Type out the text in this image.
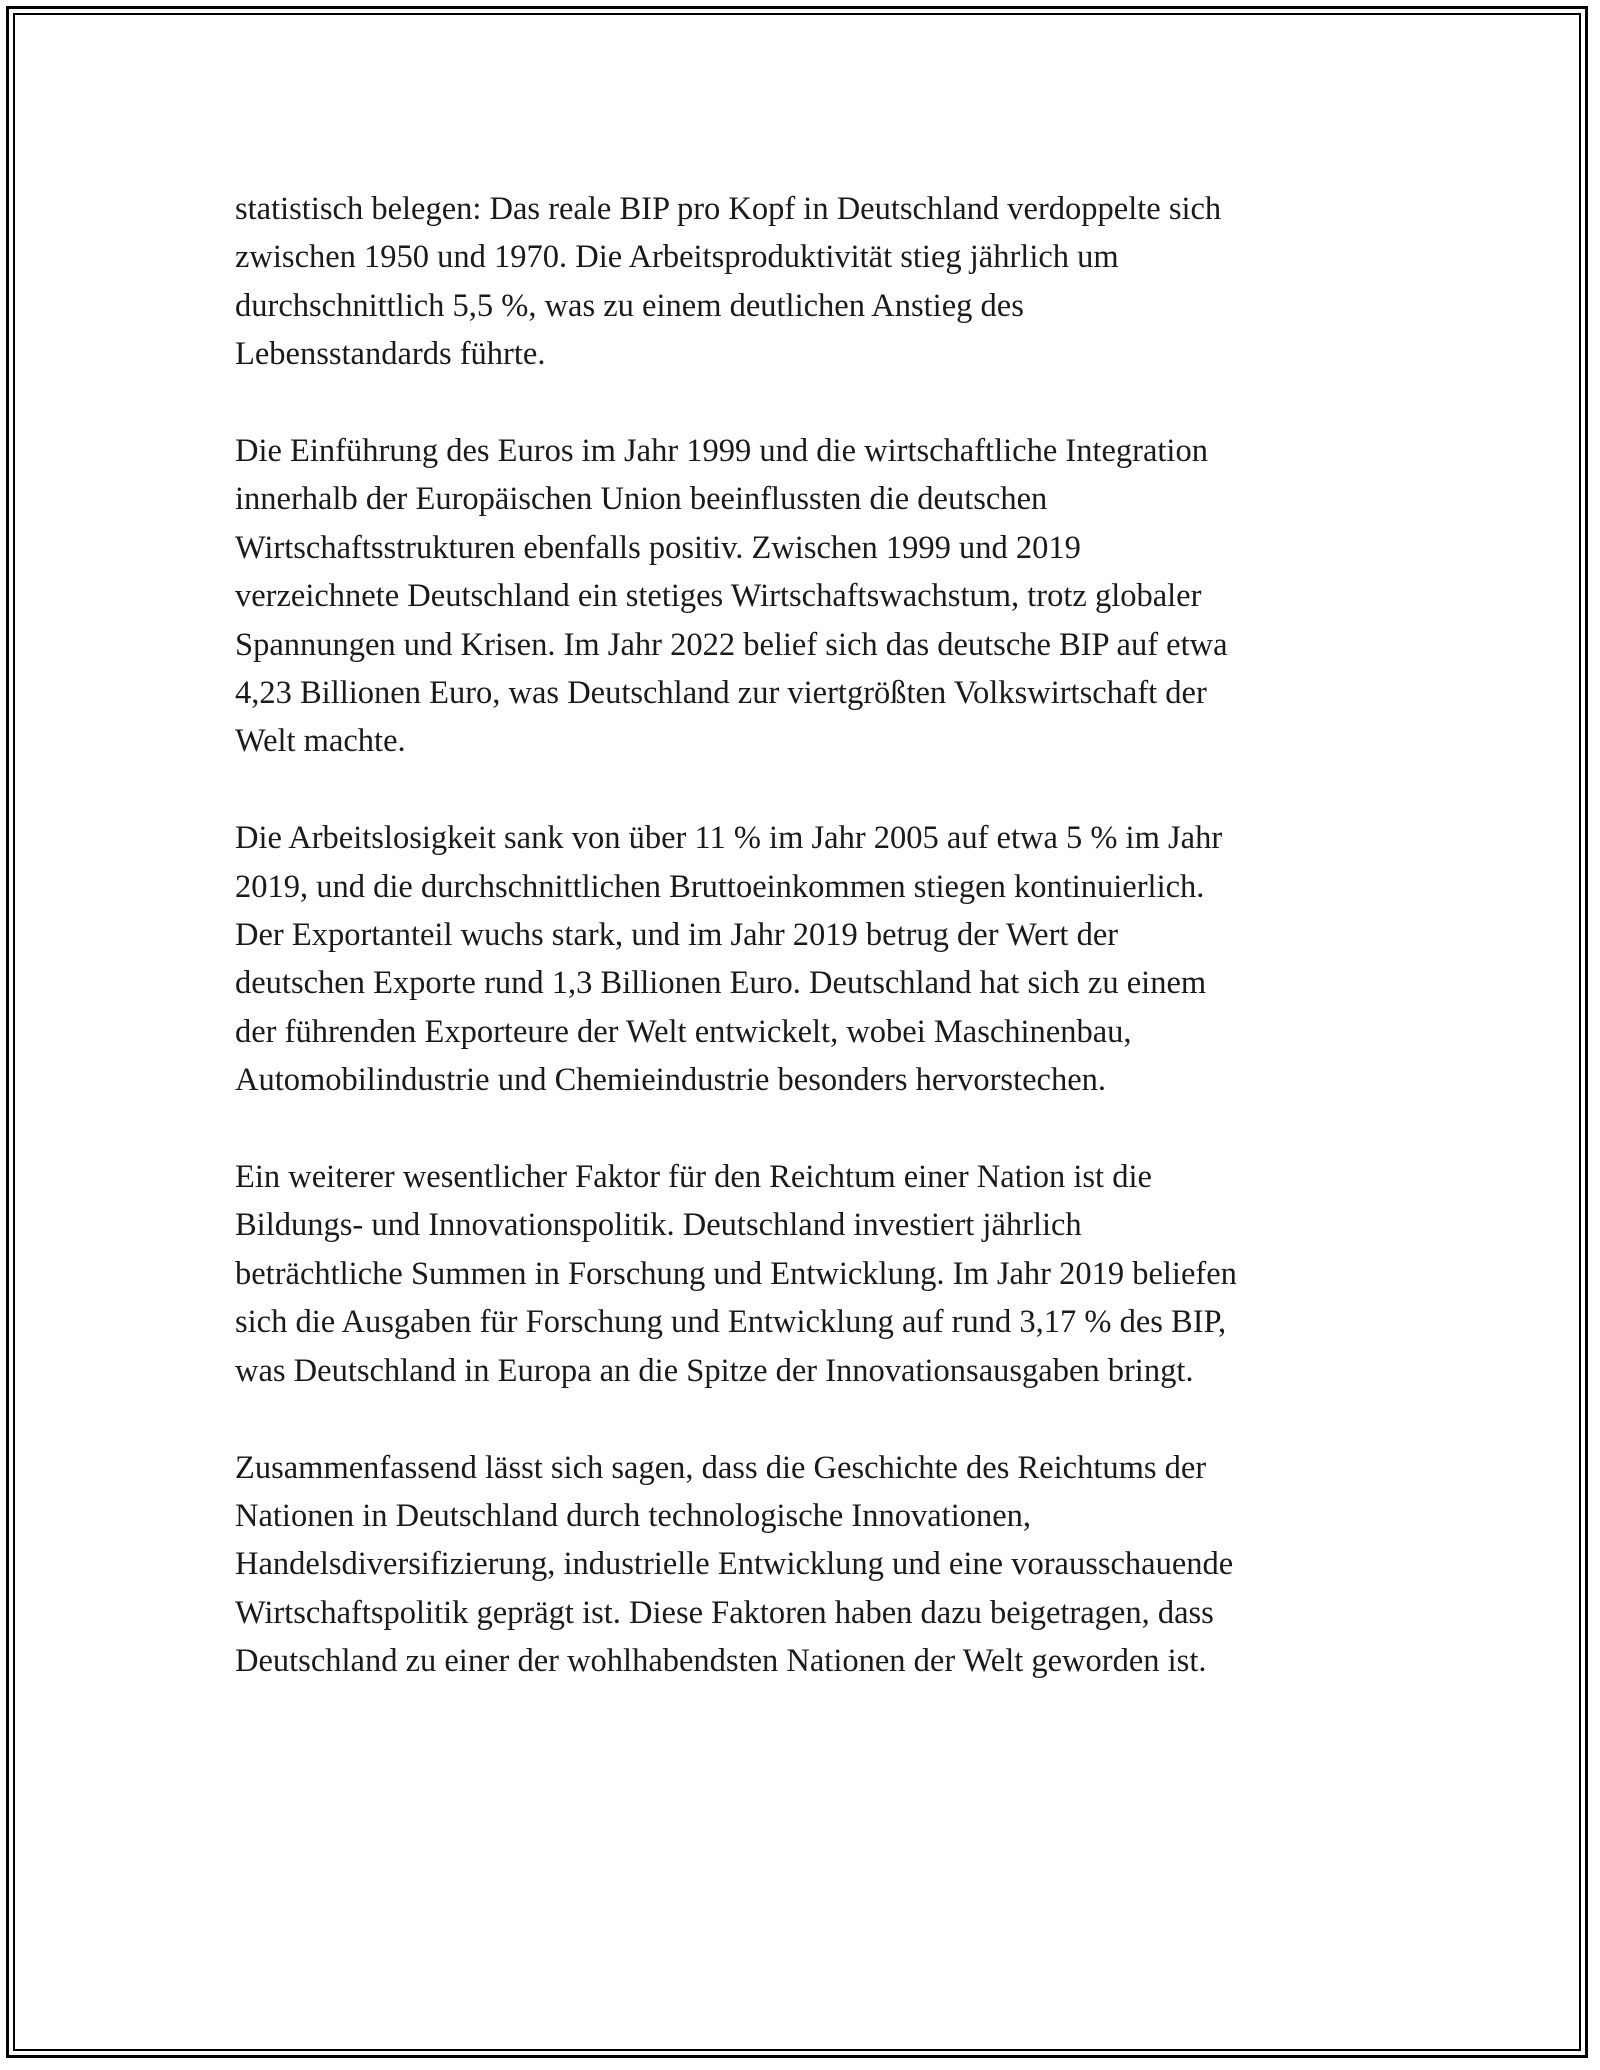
statistisch belegen: Das reale BIP pro Kopf in Deutschland verdoppelte sich
zwischen 1950 und 1970. Die Arbeitsproduktivität stieg jährlich um
durchschnittlich 5,5 %, was zu einem deutlichen Anstieg des
Lebensstandards führte.

Die Einführung des Euros im Jahr 1999 und die wirtschaftliche Integration
innerhalb der Europäischen Union beeinflussten die deutschen
Wirtschaftsstrukturen ebenfalls positiv. Zwischen 1999 und 2019
verzeichnete Deutschland ein stetiges Wirtschaftswachstum, trotz globaler
Spannungen und Krisen. Im Jahr 2022 belief sich das deutsche BIP auf etwa
4,23 Billionen Euro, was Deutschland zur viertgrößten Volkswirtschaft der
Welt machte.

Die Arbeitslosigkeit sank von über 11 % im Jahr 2005 auf etwa 5 % im Jahr
2019, und die durchschnittlichen Bruttoeinkommen stiegen kontinuierlich.
Der Exportanteil wuchs stark, und im Jahr 2019 betrug der Wert der
deutschen Exporte rund 1,3 Billionen Euro. Deutschland hat sich zu einem
der führenden Exporteure der Welt entwickelt, wobei Maschinenbau,
Automobilindustrie und Chemieindustrie besonders hervorstechen.

Ein weiterer wesentlicher Faktor für den Reichtum einer Nation ist die
Bildungs- und Innovationspolitik. Deutschland investiert jährlich
beträchtliche Summen in Forschung und Entwicklung. Im Jahr 2019 beliefen
sich die Ausgaben für Forschung und Entwicklung auf rund 3,17 % des BIP,
was Deutschland in Europa an die Spitze der Innovationsausgaben bringt.

Zusammenfassend lässt sich sagen, dass die Geschichte des Reichtums der
Nationen in Deutschland durch technologische Innovationen,
Handelsdiversifizierung, industrielle Entwicklung und eine vorausschauende
Wirtschaftspolitik geprägt ist. Diese Faktoren haben dazu beigetragen, dass
Deutschland zu einer der wohlhabendsten Nationen der Welt geworden ist.
